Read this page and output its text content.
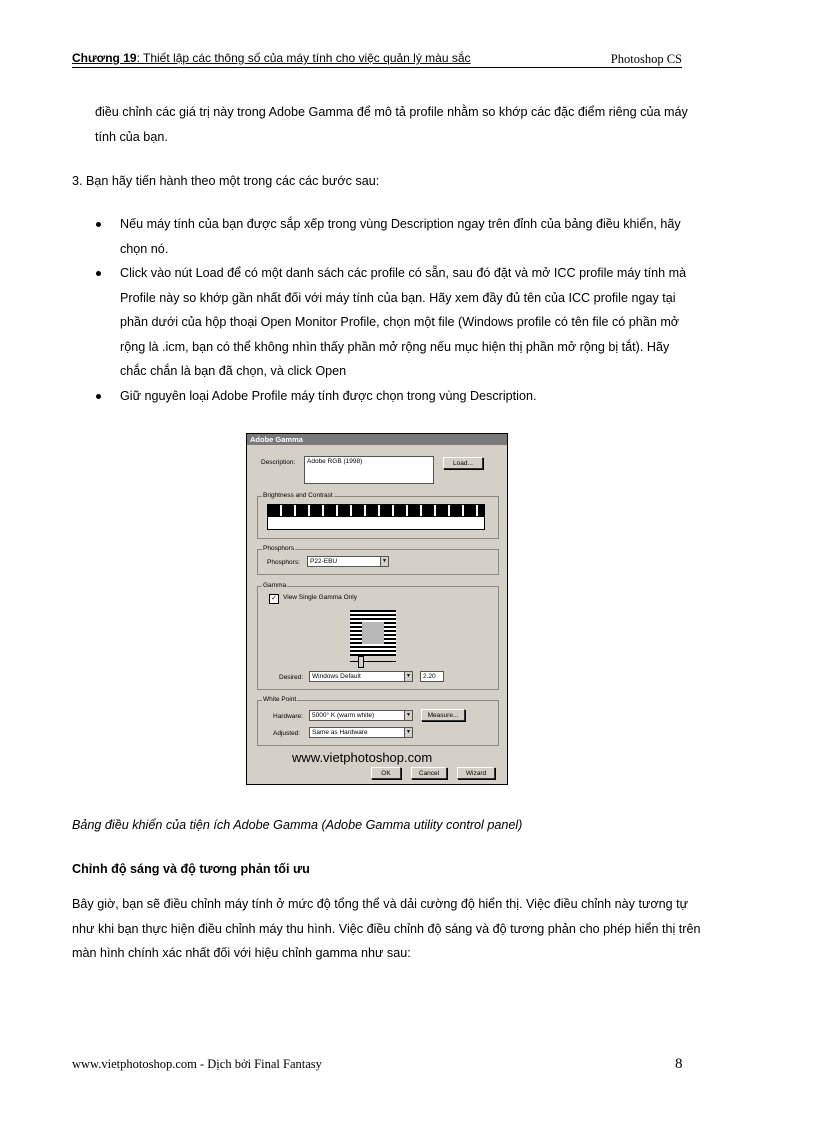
Chương 19: Thiết lập các thông số của máy tính cho việc quản lý màu sắc	Photoshop CS

điều chỉnh các giá trị này trong Adobe Gamma để mô tả profile nhằm so khớp các đặc điểm riêng của máy tính của bạn.

3. Bạn hãy tiến hành theo một trong các các bước sau:

Nếu máy tính của bạn được sắp xếp trong vùng Description ngay trên đỉnh của bảng điều khiển, hãy chọn nó.
Click vào nút Load để có một danh sách các profile có sẵn, sau đó đặt và mở ICC profile máy tính mà Profile này so khớp gần nhất đối với máy tính của bạn. Hãy xem đầy đủ tên của ICC profile ngay tại phần dưới của hộp thoại Open Monitor Profile, chọn một file (Windows profile có tên file có phần mở rộng là .icm, bạn có thể không nhìn thấy phần mở rộng nếu mục hiện thị phần mở rộng bị tắt). Hãy chắc chắn là bạn đã chọn, và click Open
Giữ nguyên loại Adobe Profile máy tính được chọn trong vùng Description.
Adobe Gamma
Description:	Adobe RGB (1998)	Load...
Brightness and Contrast
Phosphors
Phosphors:	P22-EBU	▼
Gamma
✓ View Single Gamma Only
Desired:	Windows Default	▼	2.20
White Point
Hardware:	5000° K (warm white)	▼	Measure...
Adjusted:	Same as Hardware	▼
www.vietphotoshop.com
OK	Cancel	Wizard
Bảng điều khiển của tiện ích Adobe Gamma (Adobe Gamma utility control panel)
Chỉnh độ sáng và độ tương phản tối ưu

Bây giờ, bạn sẽ điều chỉnh máy tính ở mức độ tổng thể và dải cường độ hiển thị. Việc điều chỉnh này tương tự như khi bạn thực hiện điều chỉnh máy thu hình. Việc điều chỉnh độ sáng và độ tương phản cho phép hiển thị trên màn hình chính xác nhất đối với hiệu chỉnh gamma như sau:

www.vietphotoshop.com - Dịch bởi Final Fantasy	8
